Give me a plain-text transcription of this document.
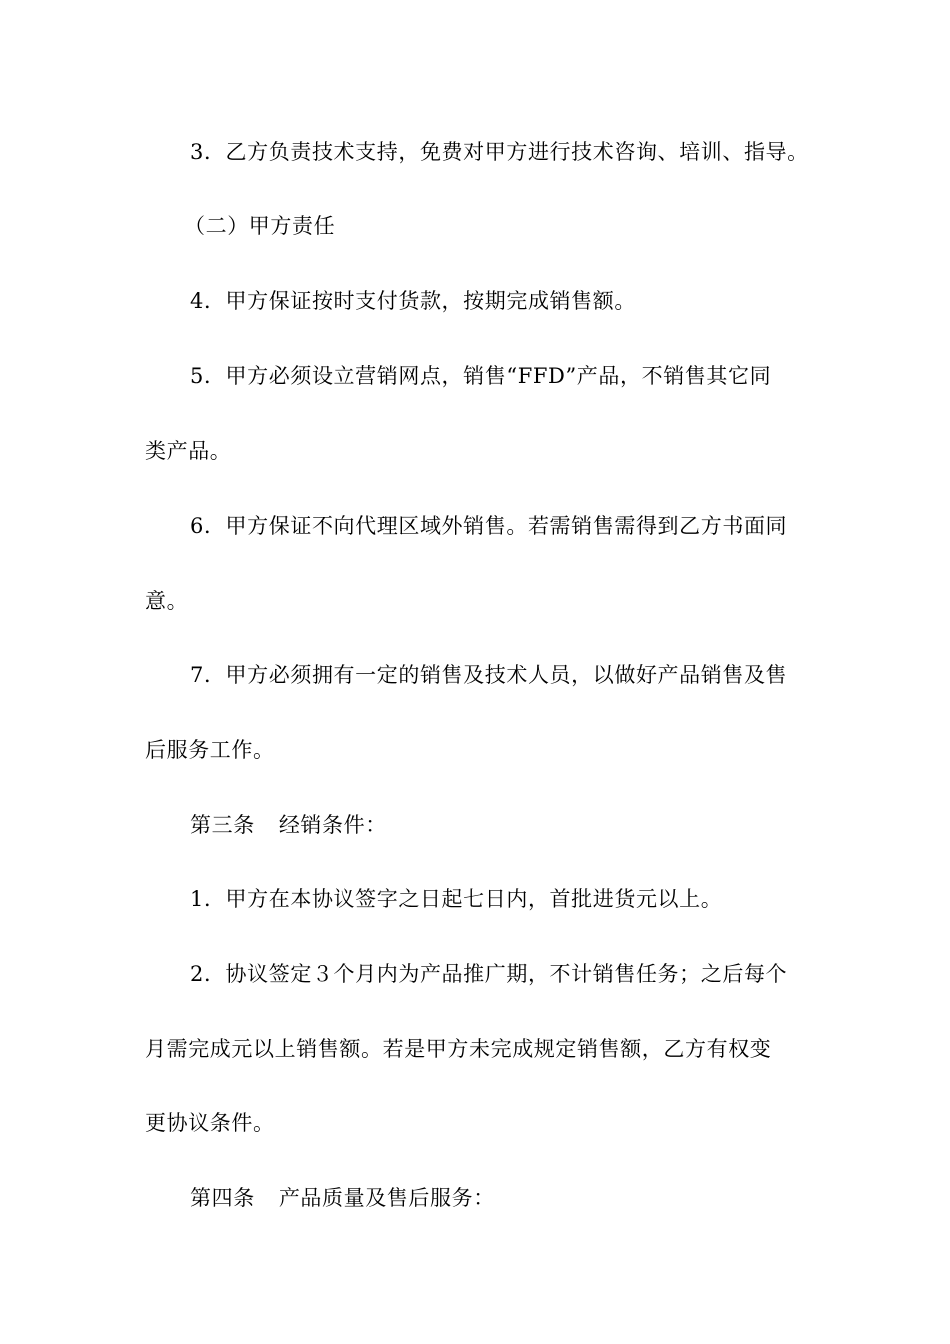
3．乙方负责技术支持，免费对甲方进行技术咨询、培训、指导。
（二）甲方责任
4．甲方保证按时支付货款，按期完成销售额。
5．甲方必须设立营销网点，销售“FFD”产品，不销售其它同
类产品。
6．甲方保证不向代理区域外销售。若需销售需得到乙方书面同
意。
7．甲方必须拥有一定的销售及技术人员，以做好产品销售及售
后服务工作。
第三条 经销条件：
1．甲方在本协议签字之日起七日内，首批进货元以上。
2．协议签定３个月内为产品推广期，不计销售任务；之后每个
月需完成元以上销售额。若是甲方未完成规定销售额，乙方有权变
更协议条件。
第四条 产品质量及售后服务：
